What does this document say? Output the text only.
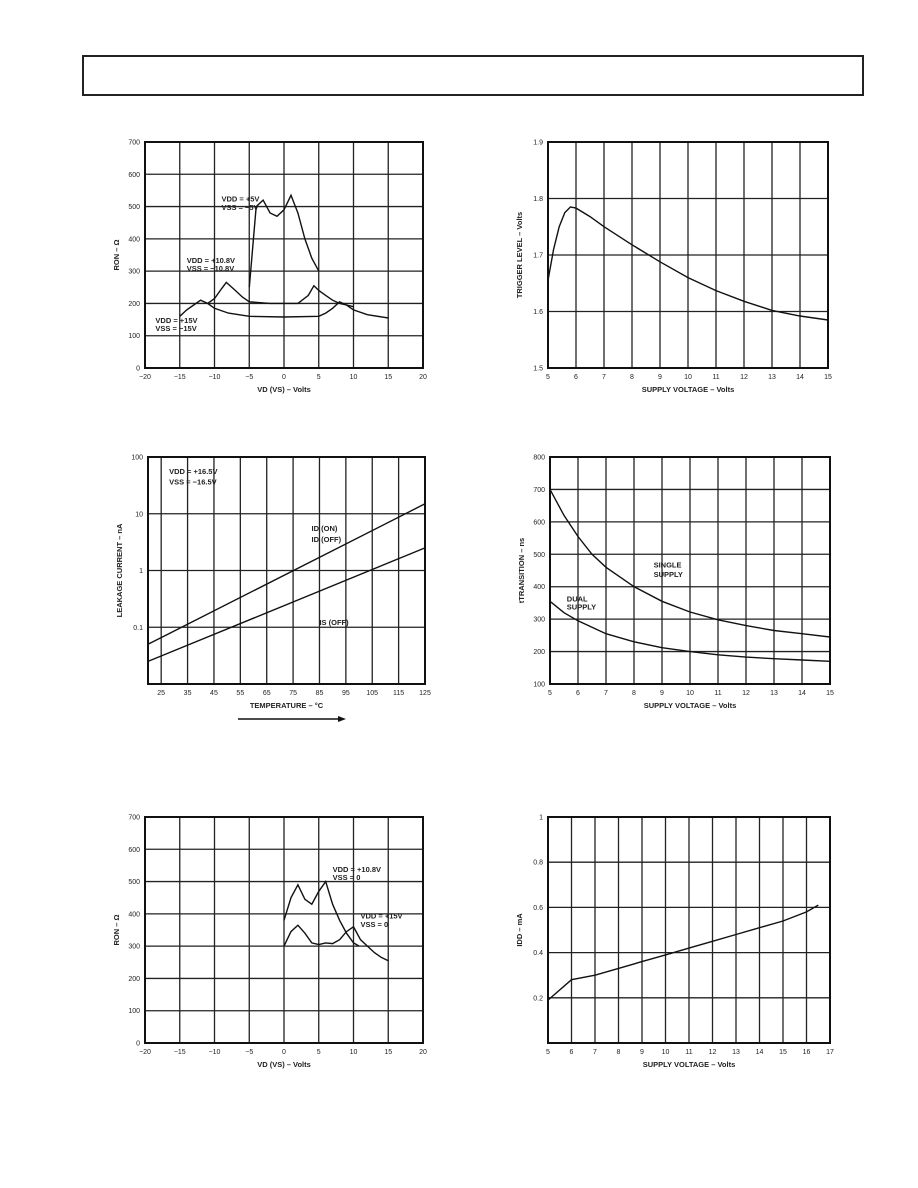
−20	−15	−10	−5	0	5	10	15	20
0
100
200
300
400
500
600
700
VDD = +5V
VSS = −5V
VDD = +10.8V
VSS = −10.8V
VDD = +15V
VSS = −15V
VD (VS) – Volts
RON – Ω
5	6	7	8	9	10	11	12	13	14	15
1.5
1.6
1.7
1.8
1.9
SUPPLY VOLTAGE – Volts
TRIGGER LEVEL – Volts
25	35	45	55	65	75	85	95 105 115 125
0.1
1
10
100
VDD = +16.5V
VSS = −16.5V
ID (ON)
ID (OFF)
IS (OFF)
TEMPERATURE – °C
LEAKAGE CURRENT – nA
5	6	7	8	9	10	11	12	13	14	15
100
200
300
400
500
600
700
800
SINGLE
SUPPLY
DUAL
SUPPLY
SUPPLY VOLTAGE – Volts
tTRANSITION – ns
−20	−15	−10	−5	0	5	10	15	20
0
100
200
300
400
500
600
700
VDD = +10.8V
VSS = 0
VDD = +15V
VSS = 0
VD (VS) – Volts
RON – Ω
5	6	7	8	9	10 11 12 13 14 15 16 17
0.2
0.4
0.6
0.8
1
SUPPLY VOLTAGE – Volts
IDD – mA
